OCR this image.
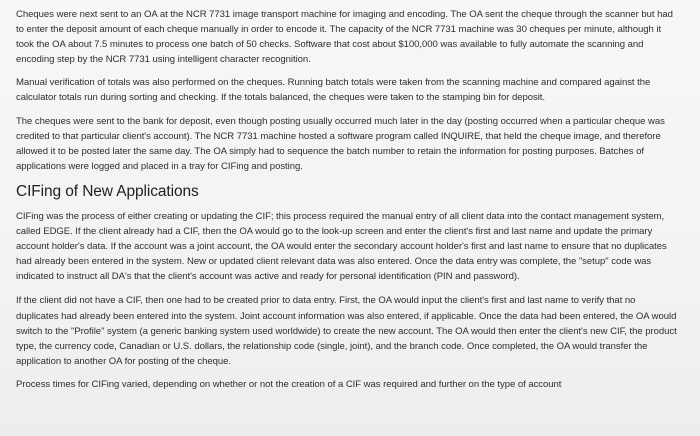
Cheques were next sent to an OA at the NCR 7731 image transport machine for imaging and encoding. The OA sent the cheque through the scanner but had to enter the deposit amount of each cheque manually in order to encode it. The capacity of the NCR 7731 machine was 30 cheques per minute, although it took the OA about 7.5 minutes to process one batch of 50 checks. Software that cost about $100,000 was available to fully automate the scanning and encoding step by the NCR 7731 using intelligent character recognition.

Manual verification of totals was also performed on the cheques. Running batch totals were taken from the scanning machine and compared against the calculator totals run during sorting and checking. If the totals balanced, the cheques were taken to the stamping bin for deposit.

The cheques were sent to the bank for deposit, even though posting usually occurred much later in the day (posting occurred when a particular cheque was credited to that particular client's account). The NCR 7731 machine hosted a software program called INQUIRE, that held the cheque image, and therefore allowed it to be posted later the same day. The OA simply had to sequence the batch number to retain the information for posting purposes. Batches of applications were logged and placed in a tray for CIFing and posting.

CIFing of New Applications

CIFing was the process of either creating or updating the CIF; this process required the manual entry of all client data into the contact management system, called EDGE. If the client already had a CIF, then the OA would go to the look-up screen and enter the client's first and last name and update the primary account holder's data. If the account was a joint account, the OA would enter the secondary account holder's first and last name to ensure that no duplicates had already been entered in the system. New or updated client relevant data was also entered. Once the data entry was complete, the "setup" code was indicated to instruct all DA's that the client's account was active and ready for personal identification (PIN and password).

If the client did not have a CIF, then one had to be created prior to data entry. First, the OA would input the client's first and last name to verify that no duplicates had already been entered into the system. Joint account information was also entered, if applicable. Once the data had been entered, the OA would switch to the "Profile" system (a generic banking system used worldwide) to create the new account. The OA would then enter the client's new CIF, the product type, the currency code, Canadian or U.S. dollars, the relationship code (single, joint), and the branch code. Once completed, the OA would transfer the application to another OA for posting of the cheque.

Process times for CIFing varied, depending on whether or not the creation of a CIF was required and further on the type of account
